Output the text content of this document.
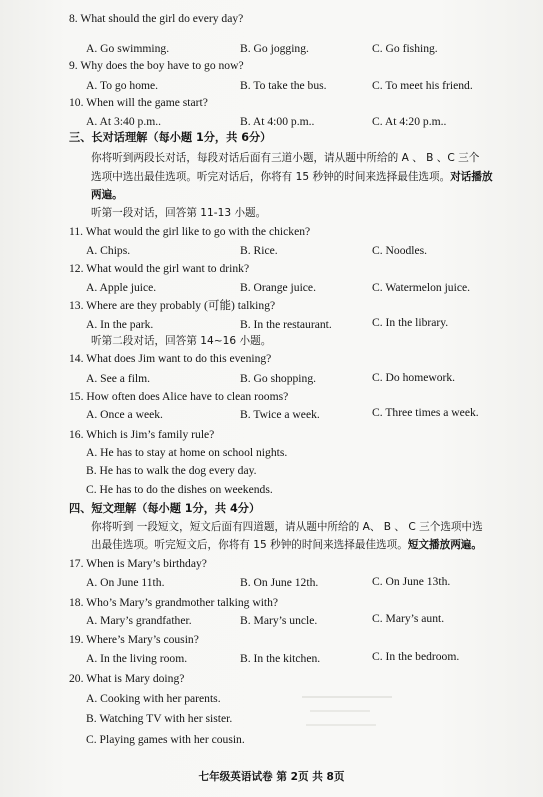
8. What should the girl do every day?
A. Go swimming.	B. Go jogging.	C. Go fishing.
9. Why does the boy have to go now?
A. To go home.	B. To take the bus.	C. To meet his friend.
10. When will the game start?
A. At 3:40 p.m..	B. At 4:00 p.m..	C. At 4:20 p.m..
三、长对话理解（每小题 1分，共 6分）
你将听到两段长对话，每段对话后面有三道小题，请从题中所给的 A 、 B 、C 三个
选项中选出最佳选项。听完对话后，你将有 15 秒钟的时间来选择最佳选项。对话播放
两遍。
听第一段对话，回答第 11-13 小题。
11. What would the girl like to go with the chicken?
A. Chips.	B. Rice.	C. Noodles.
12. What would the girl want to drink?
A. Apple juice.	B. Orange juice.	C. Watermelon juice.
13. Where are they probably (可能) talking?
A. In the park.	B. In the restaurant.	C. In the library.
听第二段对话，回答第 14~16 小题。
14. What does Jim want to do this evening?
A. See a film.	B. Go shopping.	C. Do homework.
15. How often does Alice have to clean rooms?
A. Once a week.	B. Twice a week.	C. Three times a week.
16. Which is Jim’s family rule?
A. He has to stay at home on school nights.
B. He has to walk the dog every day.
C. He has to do the dishes on weekends.
四、短文理解（每小题 1分，共 4分）
你将听到 一段短文，短文后面有四道题，请从题中所给的 A、 B 、 C 三个选项中选
出最佳选项。听完短文后，你将有 15 秒钟的时间来选择最佳选项。短文播放两遍。
17. When is Mary’s birthday?
A. On June 11th.	B. On June 12th.	C. On June 13th.
18. Who’s Mary’s grandmother talking with?
A. Mary’s grandfather.	B. Mary’s uncle.	C. Mary’s aunt.
19. Where’s Mary’s cousin?
A. In the living room.	B. In the kitchen.	C. In the bedroom.
20. What is Mary doing?
A. Cooking with her parents.
B. Watching TV with her sister.
C. Playing games with her cousin.
七年级英语试卷 第 2页 共 8页
